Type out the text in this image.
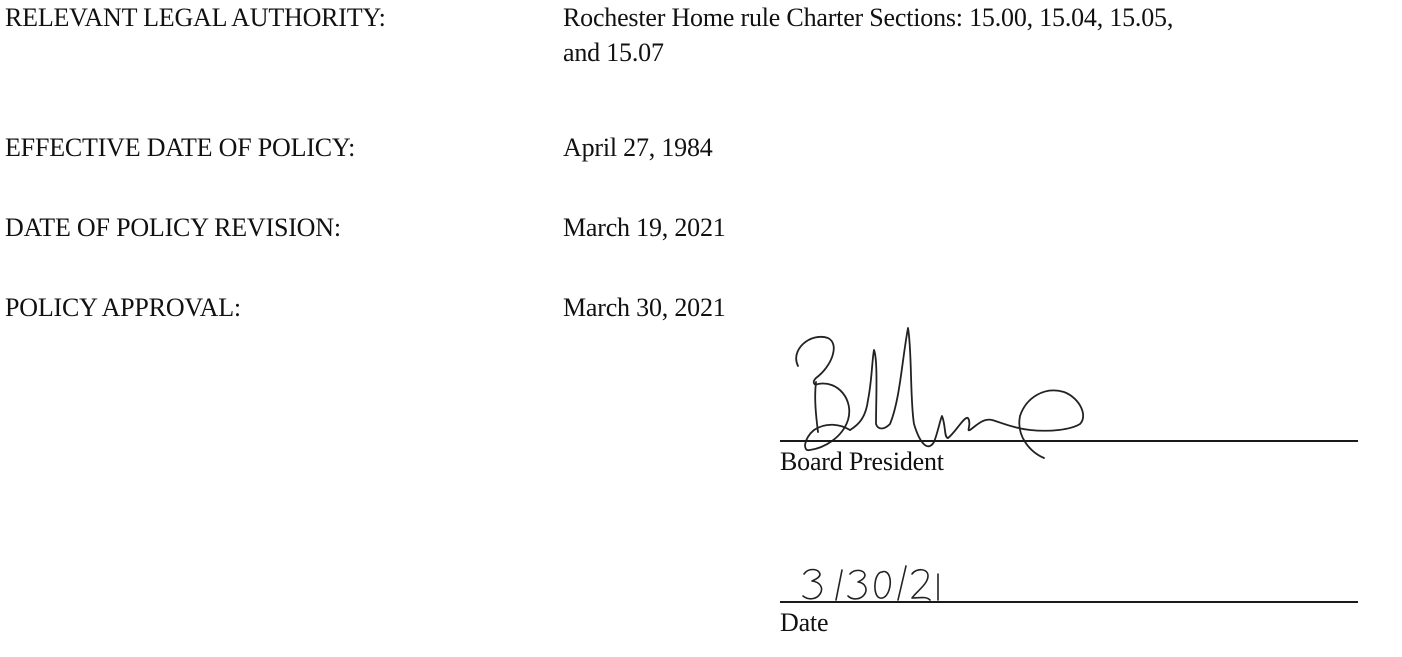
RELEVANT LEGAL AUTHORITY:	Rochester Home rule Charter Sections: 15.00, 15.04, 15.05,
and 15.07
EFFECTIVE DATE OF POLICY:	April 27, 1984
DATE OF POLICY REVISION:	March 19, 2021
POLICY APPROVAL:	March 30, 2021
Board President
Date
